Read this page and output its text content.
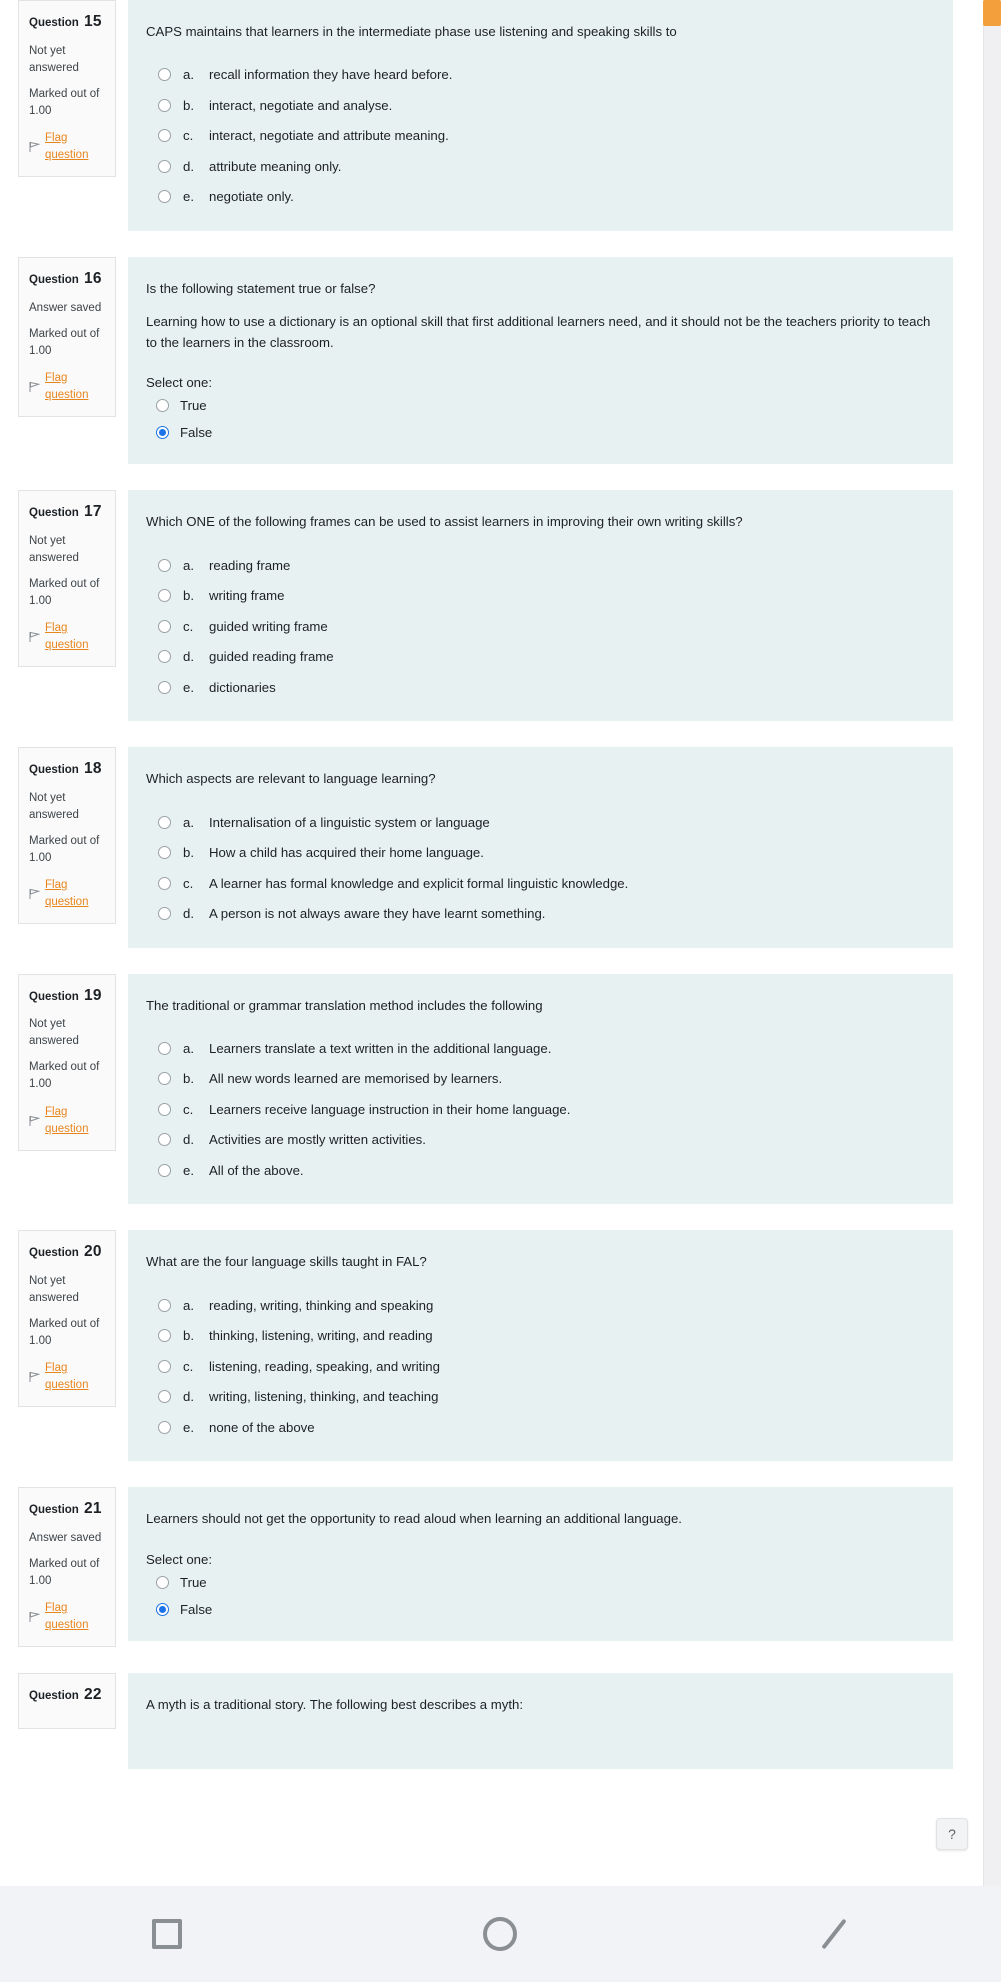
Question 15
Not yet answered
Marked out of
1.00
Flag question

CAPS maintains that learners in the intermediate phase use listening and speaking skills to

a.	recall information they have heard before.
b.	interact, negotiate and analyse.
c.	interact, negotiate and attribute meaning.
d.	attribute meaning only.
e.	negotiate only.
Question 16
Answer saved
Marked out of
1.00
Flag question

Is the following statement true or false?

Learning how to use a dictionary is an optional skill that first additional learners need, and it should not be the teachers priority to teach to the learners in the classroom.

Select one:
True
False
Question 17
Not yet answered
Marked out of
1.00
Flag question

Which ONE of the following frames can be used to assist learners in improving their own writing skills?

a.	reading frame
b.	writing frame
c.	guided writing frame
d.	guided reading frame
e.	dictionaries
Question 18
Not yet answered
Marked out of
1.00
Flag question

Which aspects are relevant to language learning?

a.	Internalisation of a linguistic system or language
b.	How a child has acquired their home language.
c.	A learner has formal knowledge and explicit formal linguistic knowledge.
d.	A person is not always aware they have learnt something.
Question 19
Not yet answered
Marked out of
1.00
Flag question

The traditional or grammar translation method includes the following

a.	Learners translate a text written in the additional language.
b.	All new words learned are memorised by learners.
c.	Learners receive language instruction in their home language.
d.	Activities are mostly written activities.
e.	All of the above.
Question 20
Not yet answered
Marked out of
1.00
Flag question

What are the four language skills taught in FAL?

a.	reading, writing, thinking and speaking
b.	thinking, listening, writing, and reading
c.	listening, reading, speaking, and writing
d.	writing, listening, thinking, and teaching
e.	none of the above
Question 21
Answer saved
Marked out of
1.00
Flag question

Learners should not get the opportunity to read aloud when learning an additional language.

Select one:
True
False
Question 22

A myth is a traditional story. The following best describes a myth:

?
